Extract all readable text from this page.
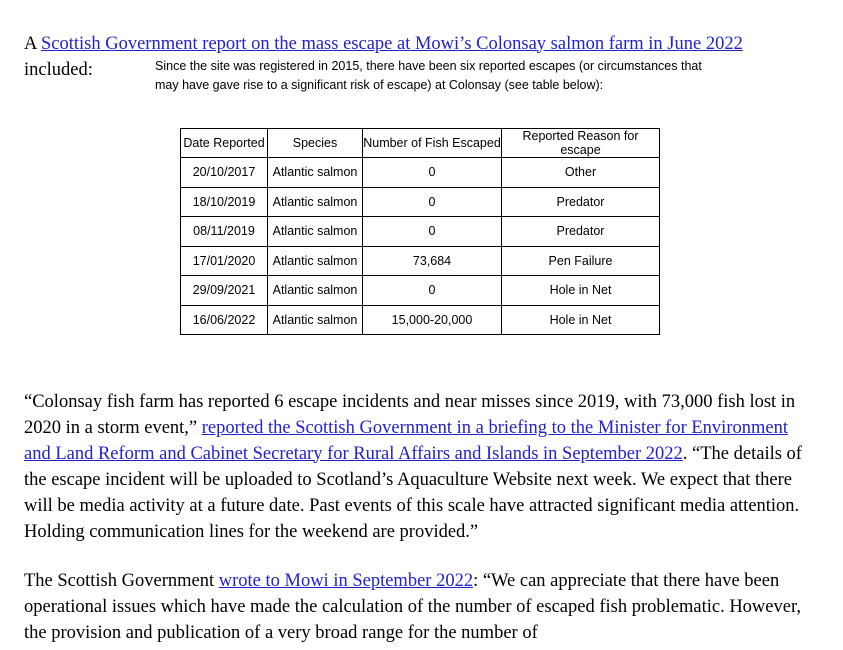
A Scottish Government report on the mass escape at Mowi’s Colonsay salmon farm in June 2022 included:	Since the site was registered in 2015, there have been six reported escapes (or circumstances that may have gave rise to a significant risk of escape) at Colonsay (see table below):
Date Reported	Species	Number of Fish Escaped	Reported Reason for escape
20/10/2017	Atlantic salmon	0	Other
18/10/2019	Atlantic salmon	0	Predator
08/11/2019	Atlantic salmon	0	Predator
17/01/2020	Atlantic salmon	73,684	Pen Failure
29/09/2021	Atlantic salmon	0	Hole in Net
16/06/2022	Atlantic salmon	15,000-20,000	Hole in Net

“Colonsay fish farm has reported 6 escape incidents and near misses since 2019, with 73,000 fish lost in 2020 in a storm event,” reported the Scottish Government in a briefing to the Minister for Environment and Land Reform and Cabinet Secretary for Rural Affairs and Islands in September 2022. “The details of the escape incident will be uploaded to Scotland’s Aquaculture Website next week. We expect that there will be media activity at a future date. Past events of this scale have attracted significant media attention. Holding communication lines for the weekend are provided.”

The Scottish Government wrote to Mowi in September 2022: “We can appreciate that there have been operational issues which have made the calculation of the number of escaped fish problematic. However, the provision and publication of a very broad range for the number of
